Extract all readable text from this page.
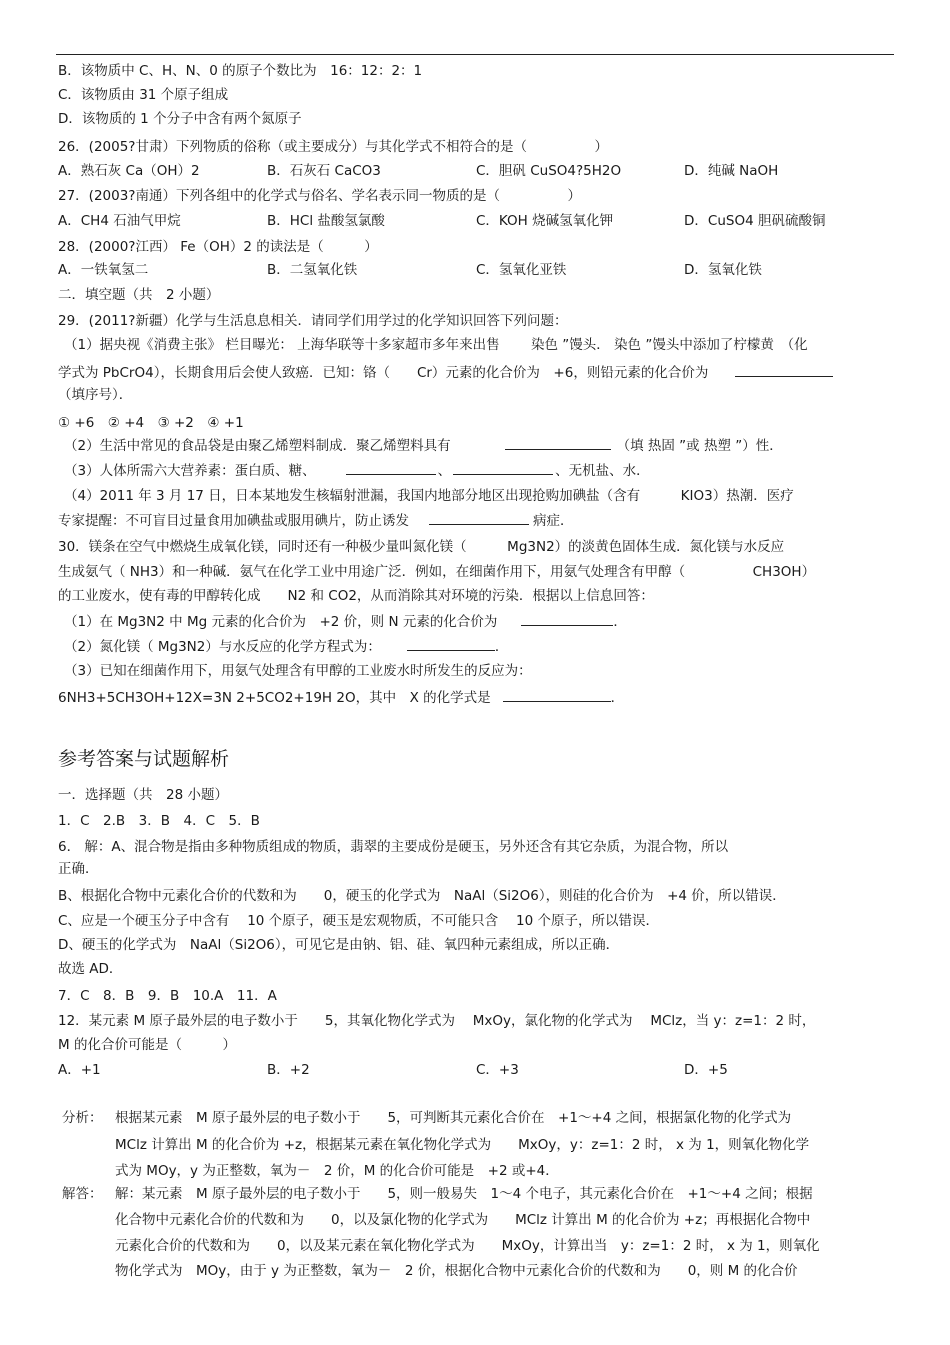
B．该物质中 C、H、N、0 的原子个数比为　16：12：2：1
C．该物质由 31 个原子组成
D．该物质的 1 个分子中含有两个氮原子
26．(2005?甘肃）下列物质的俗称（或主要成分）与其化学式不相符合的是（　　　　　）
A．熟石灰 Ca（OH）2	B．石灰石 CaCO3	C．胆矾 CuSO4?5H2O	D．纯碱 NaOH
27．(2003?南通）下列各组中的化学式与俗名、学名表示同一物质的是（　　　　　）
A．CH4 石油气甲烷	B．HCl 盐酸氢氯酸	C．KOH 烧碱氢氧化钾	D．CuSO4 胆矾硫酸铜
28．(2000?江西） Fe（OH）2 的读法是（　　　）
A．一铁氧氢二	B．二氢氧化铁	C．氢氧化亚铁	D．氢氧化铁
二．填空题（共　2 小题）
29．(2011?新疆）化学与生活息息相关．请同学们用学过的化学知识回答下列问题：
（1）据央视《消费主张》 栏目曝光： 上海华联等十多家超市多年来出售　　 染色 ”馒头． 染色 ”馒头中添加了柠檬黄　（化
学式为 PbCrO4），长期食用后会使人致癌．已知：铬（　　Cr）元素的化合价为　+6，则铅元素的化合价为
（填序号）．
① +6　② +4　③ +2　④ +1
（2）生活中常见的食品袋是由聚乙烯塑料制成．聚乙烯塑料具有	（填 热固 ”或 热塑 ”）性．
（3）人体所需六大营养素：蛋白质、糖、	、	、无机盐、水．
（4）2011 年 3 月 17 日，日本某地发生核辐射泄漏，我国内地部分地区出现抢购加碘盐（含有　　　KIO3）热潮．医疗
专家提醒：不可盲目过量食用加碘盐或服用碘片，防止诱发	病症．
30．镁条在空气中燃烧生成氧化镁，同时还有一种极少量叫氮化镁（　　　Mg3N2）的淡黄色固体生成．氮化镁与水反应
生成氨气（ NH3）和一种碱．氨气在化学工业中用途广泛．例如，在细菌作用下，用氨气处理含有甲醇（　　　　　CH3OH）
的工业废水，使有毒的甲醇转化成　　N2 和 CO2，从而消除其对环境的污染．根据以上信息回答：
（1）在 Mg3N2 中 Mg 元素的化合价为　+2 价，则 N 元素的化合价为	．
（2）氮化镁（ Mg3N2）与水反应的化学方程式为：	．
（3）已知在细菌作用下，用氨气处理含有甲醇的工业废水时所发生的反应为：
6NH3+5CH3OH+12X=3N 2+5CO2+19H 2O，其中　X 的化学式是	．
参考答案与试题解析
一．选择题（共　28 小题）
1．C　2.B　3．B　4．C　5．B
6． 解：A、混合物是指由多种物质组成的物质，翡翠的主要成份是硬玉，另外还含有其它杂质，为混合物，所以
正确．
B、根据化合物中元素化合价的代数和为　　0，硬玉的化学式为　NaAl（Si2O6），则硅的化合价为　+4 价，所以错误．
C、应是一个硬玉分子中含有　 10 个原子，硬玉是宏观物质，不可能只含　 10 个原子，所以错误．
D、硬玉的化学式为　NaAl（Si2O6），可见它是由钠、铝、硅、氧四种元素组成，所以正确．
故选 AD．
7．C　8．B　9．B　10.A　11．A
12．某元素 M 原子最外层的电子数小于　　5，其氧化物化学式为　 MxOy，氯化物的化学式为　 MClz，当 y：z=1：2 时，
M 的化合价可能是（　　　）
A．+1	B．+2	C．+3	D．+5
分析： 根据某元素　M 原子最外层的电子数小于　　5，可判断其元素化合价在　+1～+4 之间，根据氯化物的化学式为
MClz 计算出 M 的化合价为 +z，根据某元素在氧化物化学式为　　MxOy，y：z=1：2 时， x 为 1，则氧化物化学
式为 MOy，y 为正整数，氧为－　2 价，M 的化合价可能是　+2 或+4．
解答： 解：某元素　M 原子最外层的电子数小于　　5，则一般易失　1～4 个电子，其元素化合价在　+1～+4 之间；根据
化合物中元素化合价的代数和为　　0，以及氯化物的化学式为　　MClz 计算出 M 的化合价为 +z；再根据化合物中
元素化合价的代数和为　　0，以及某元素在氧化物化学式为　　MxOy，计算出当　y：z=1：2 时， x 为 1，则氧化
物化学式为　MOy，由于 y 为正整数，氧为－　2 价，根据化合物中元素化合价的代数和为　　0，则 M 的化合价
